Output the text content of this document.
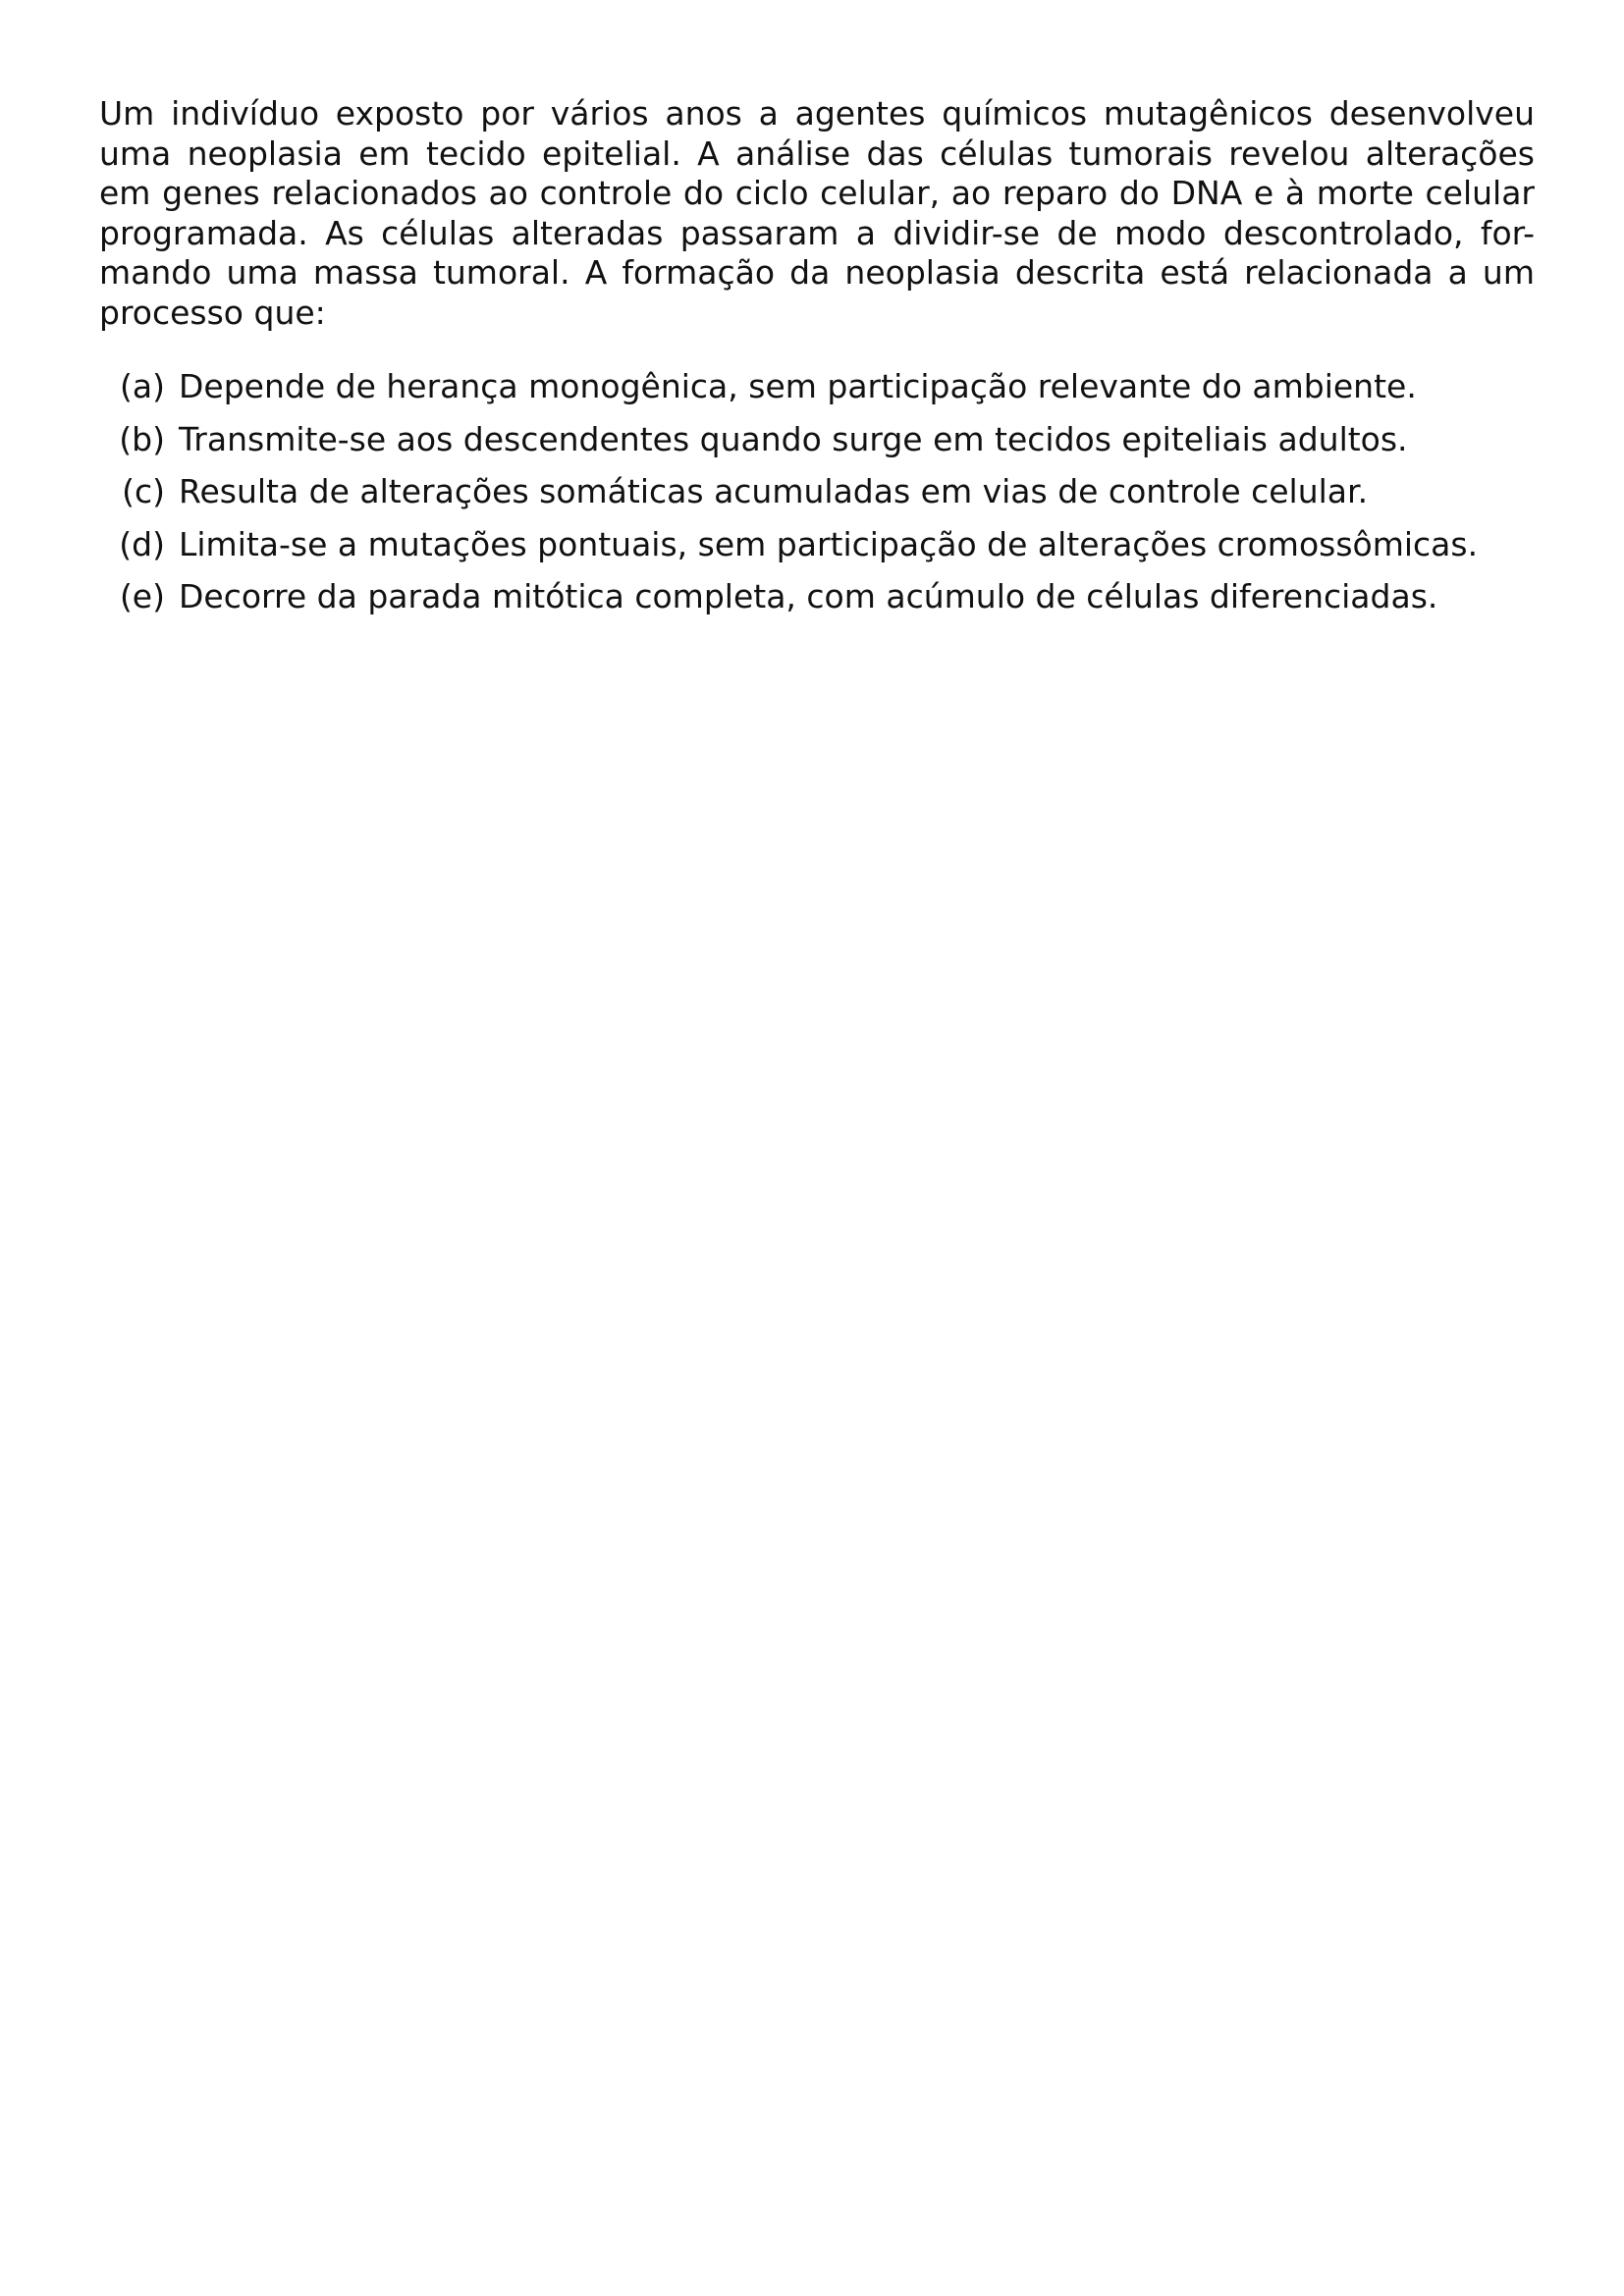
Um indivíduo exposto por vários anos a agentes químicos mutagênicos desenvolveu
uma neoplasia em tecido epitelial. A análise das células tumorais revelou alterações
em genes relacionados ao controle do ciclo celular, ao reparo do DNA e à morte celular
programada. As células alteradas passaram a dividir-se de modo descontrolado, for-
mando uma massa tumoral. A formação da neoplasia descrita está relacionada a um
processo que:
(a) Depende de herança monogênica, sem participação relevante do ambiente.
(b) Transmite-se aos descendentes quando surge em tecidos epiteliais adultos.
(c) Resulta de alterações somáticas acumuladas em vias de controle celular.
(d) Limita-se a mutações pontuais, sem participação de alterações cromossômicas.
(e) Decorre da parada mitótica completa, com acúmulo de células diferenciadas.
